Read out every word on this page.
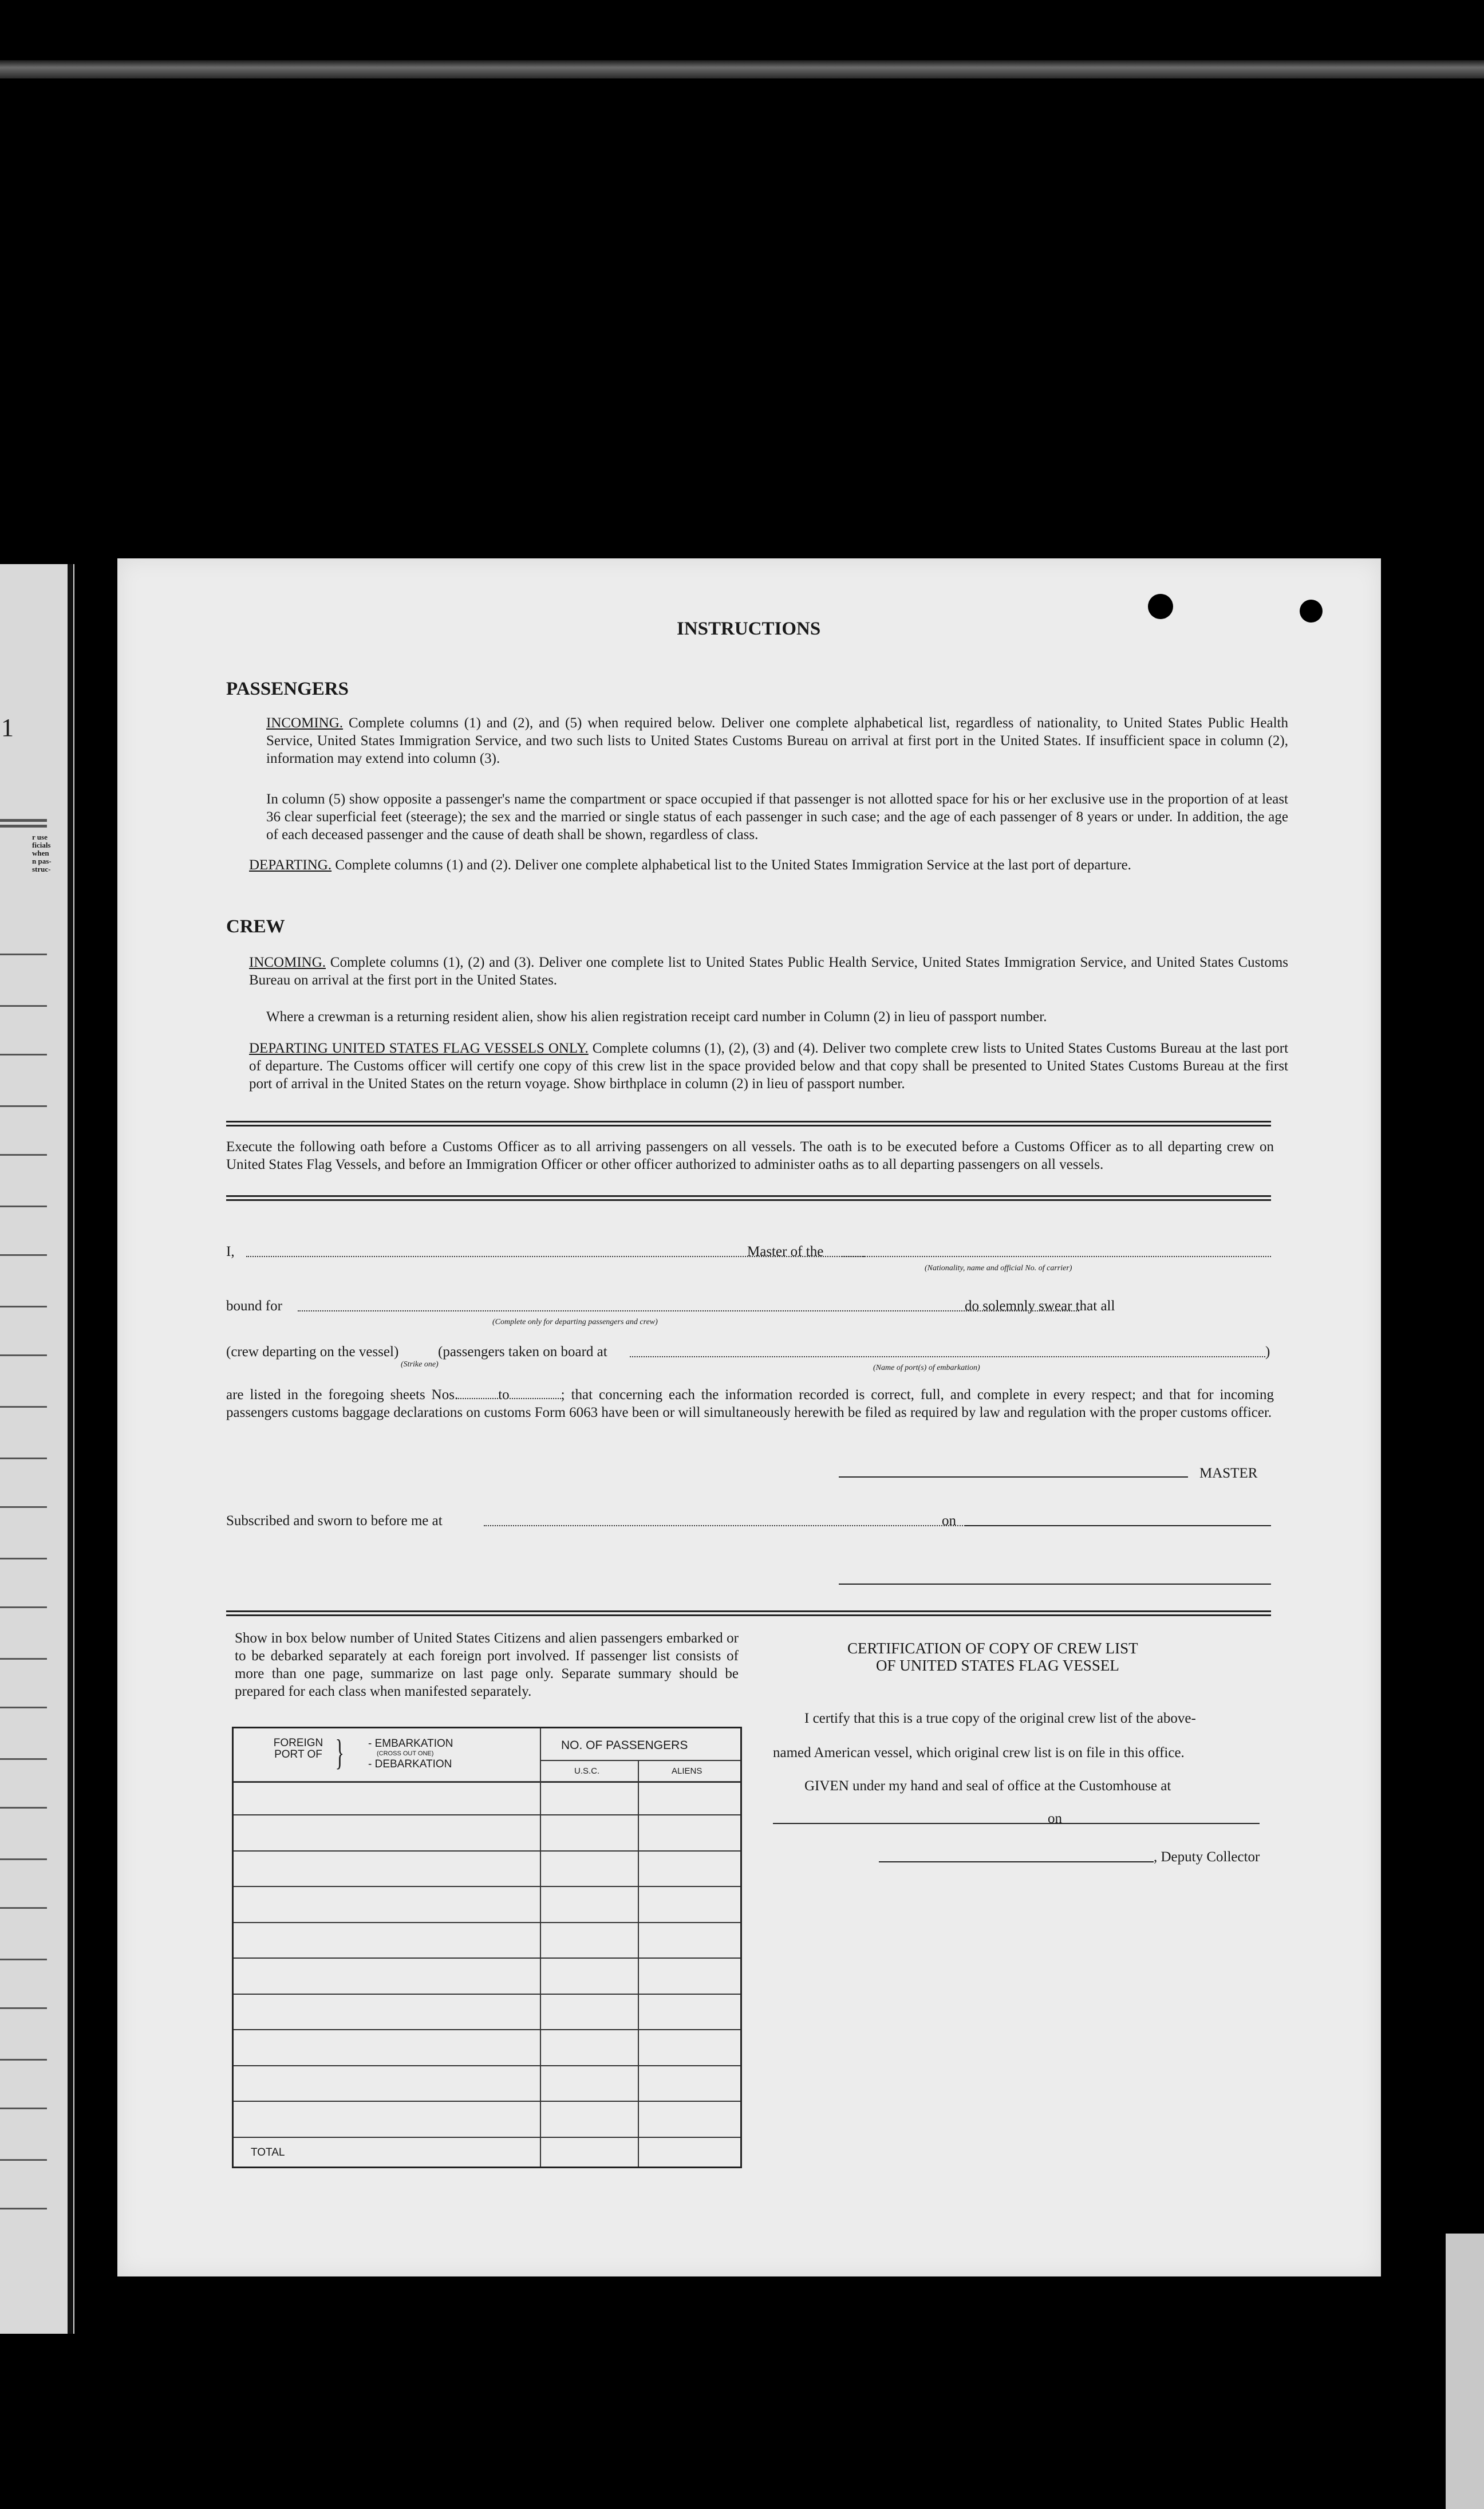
1
r use
ficials
when
n pas-
struc-
INSTRUCTIONS
PASSENGERS
INCOMING. Complete columns (1) and (2), and (5) when required below. Deliver one complete alphabetical list, regardless of nationality, to United States Public Health Service, United States Immigration Service, and two such lists to United States Customs Bureau on arrival at first port in the United States. If insufficient space in column (2), information may extend into column (3).
In column (5) show opposite a passenger's name the compartment or space occupied if that passenger is not allotted space for his or her exclusive use in the proportion of at least 36 clear superficial feet (steerage); the sex and the married or single status of each passenger in such case; and the age of each passenger of 8 years or under. In addition, the age of each deceased passenger and the cause of death shall be shown, regardless of class.
DEPARTING. Complete columns (1) and (2). Deliver one complete alphabetical list to the United States Immigration Service at the last port of departure.
CREW
INCOMING. Complete columns (1), (2) and (3). Deliver one complete list to United States Public Health Service, United States Immigration Service, and United States Customs Bureau on arrival at the first port in the United States.
Where a crewman is a returning resident alien, show his alien registration receipt card number in Column (2) in lieu of passport number.
DEPARTING UNITED STATES FLAG VESSELS ONLY. Complete columns (1), (2), (3) and (4). Deliver two complete crew lists to United States Customs Bureau at the last port of departure. The Customs officer will certify one copy of this crew list in the space provided below and that copy shall be presented to United States Customs Bureau at the first port of arrival in the United States on the return voyage. Show birthplace in column (2) in lieu of passport number.
Execute the following oath before a Customs Officer as to all arriving passengers on all vessels. The oath is to be executed before a Customs Officer as to all departing crew on United States Flag Vessels, and before an Immigration Officer or other officer authorized to administer oaths as to all departing passengers on all vessels.
I,	Master of the
(Nationality, name and official No. of carrier)
bound for
(Complete only for departing passengers and crew)
do solemnly swear that all
(crew departing on the vessel)
(Strike one)
(passengers taken on board at
(Name of port(s) of embarkation)
)
are listed in the foregoing sheets Nos.	to	; that concerning each the information recorded is correct, full, and complete in every respect; and that for incoming passengers customs baggage declarations on customs Form 6063 have been or will simultaneously herewith be filed as required by law and regulation with the proper customs officer.
MASTER
Subscribed and sworn to before me at	on
Show in box below number of United States Citizens and alien passengers embarked or to be debarked separately at each foreign port involved. If passenger list consists of more than one page, summarize on last page only. Separate summary should be prepared for each class when manifested separately.
FOREIGN PORT OF } - EMBARKATION
(CROSS OUT ONE)
- DEBARKATION
NO. OF PASSENGERS
U.S.C.	ALIENS
TOTAL
CERTIFICATION OF COPY OF CREW LIST
OF UNITED STATES FLAG VESSEL
I certify that this is a true copy of the original crew list of the above-
named American vessel, which original crew list is on file in this office.
GIVEN under my hand and seal of office at the Customhouse at
on
, Deputy Collector
